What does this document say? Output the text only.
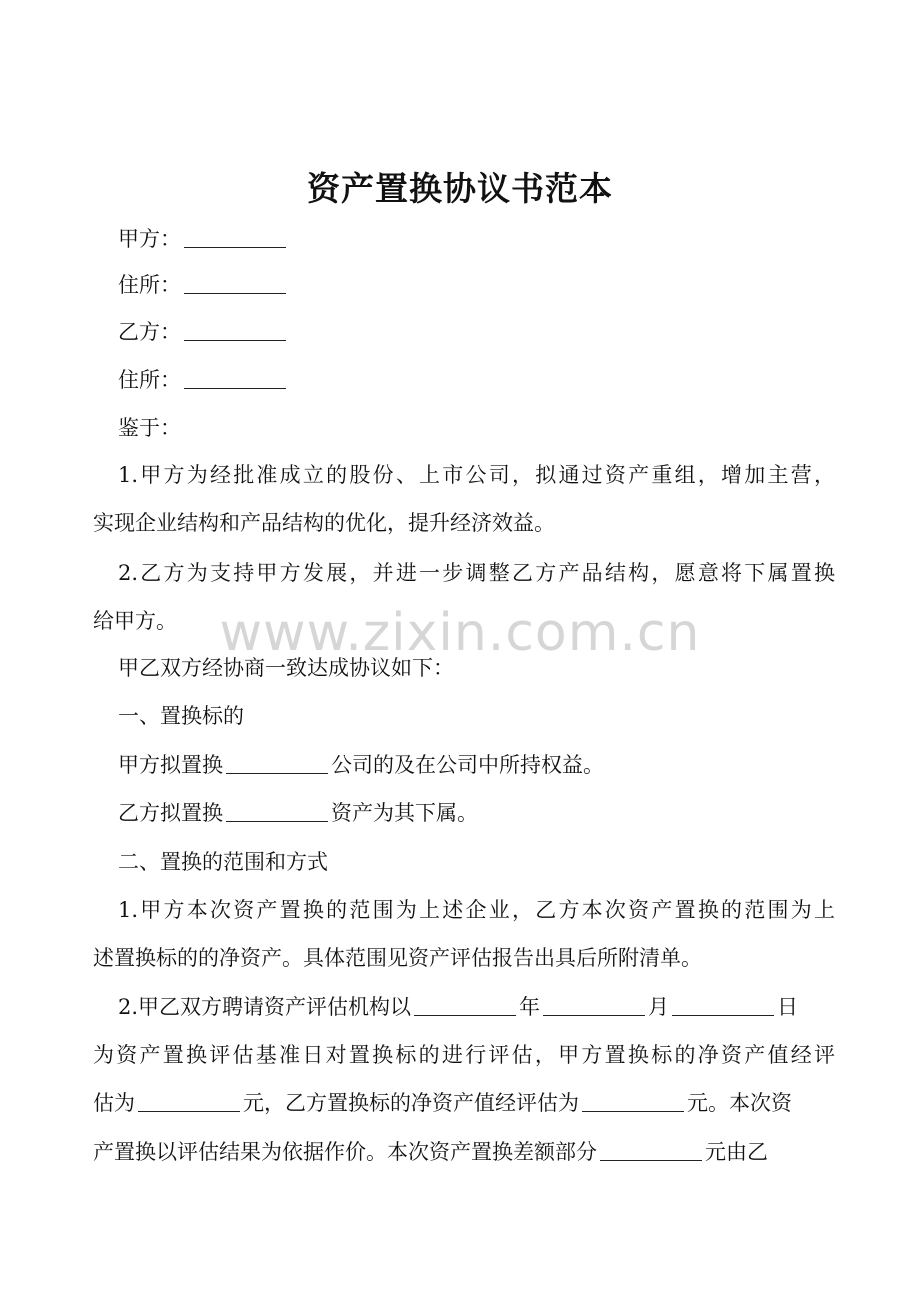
www.zixin.com.cn
资产置换协议书范本
甲方：
住所：
乙方：
住所：
鉴于：
1.甲方为经批准成立的股份、上市公司，拟通过资产重组，增加主营，
实现企业结构和产品结构的优化，提升经济效益。
2.乙方为支持甲方发展，并进一步调整乙方产品结构，愿意将下属置换
给甲方。
甲乙双方经协商一致达成协议如下：
一、置换标的
甲方拟置换	公司的及在公司中所持权益。
乙方拟置换	资产为其下属。
二、置换的范围和方式
1.甲方本次资产置换的范围为上述企业，乙方本次资产置换的范围为上
述置换标的的净资产。具体范围见资产评估报告出具后所附清单。
2.甲乙双方聘请资产评估机构以	年	月	日
为资产置换评估基准日对置换标的进行评估，甲方置换标的净资产值经评
估为	元，乙方置换标的净资产值经评估为	元。本次资
产置换以评估结果为依据作价。本次资产置换差额部分	元由乙
